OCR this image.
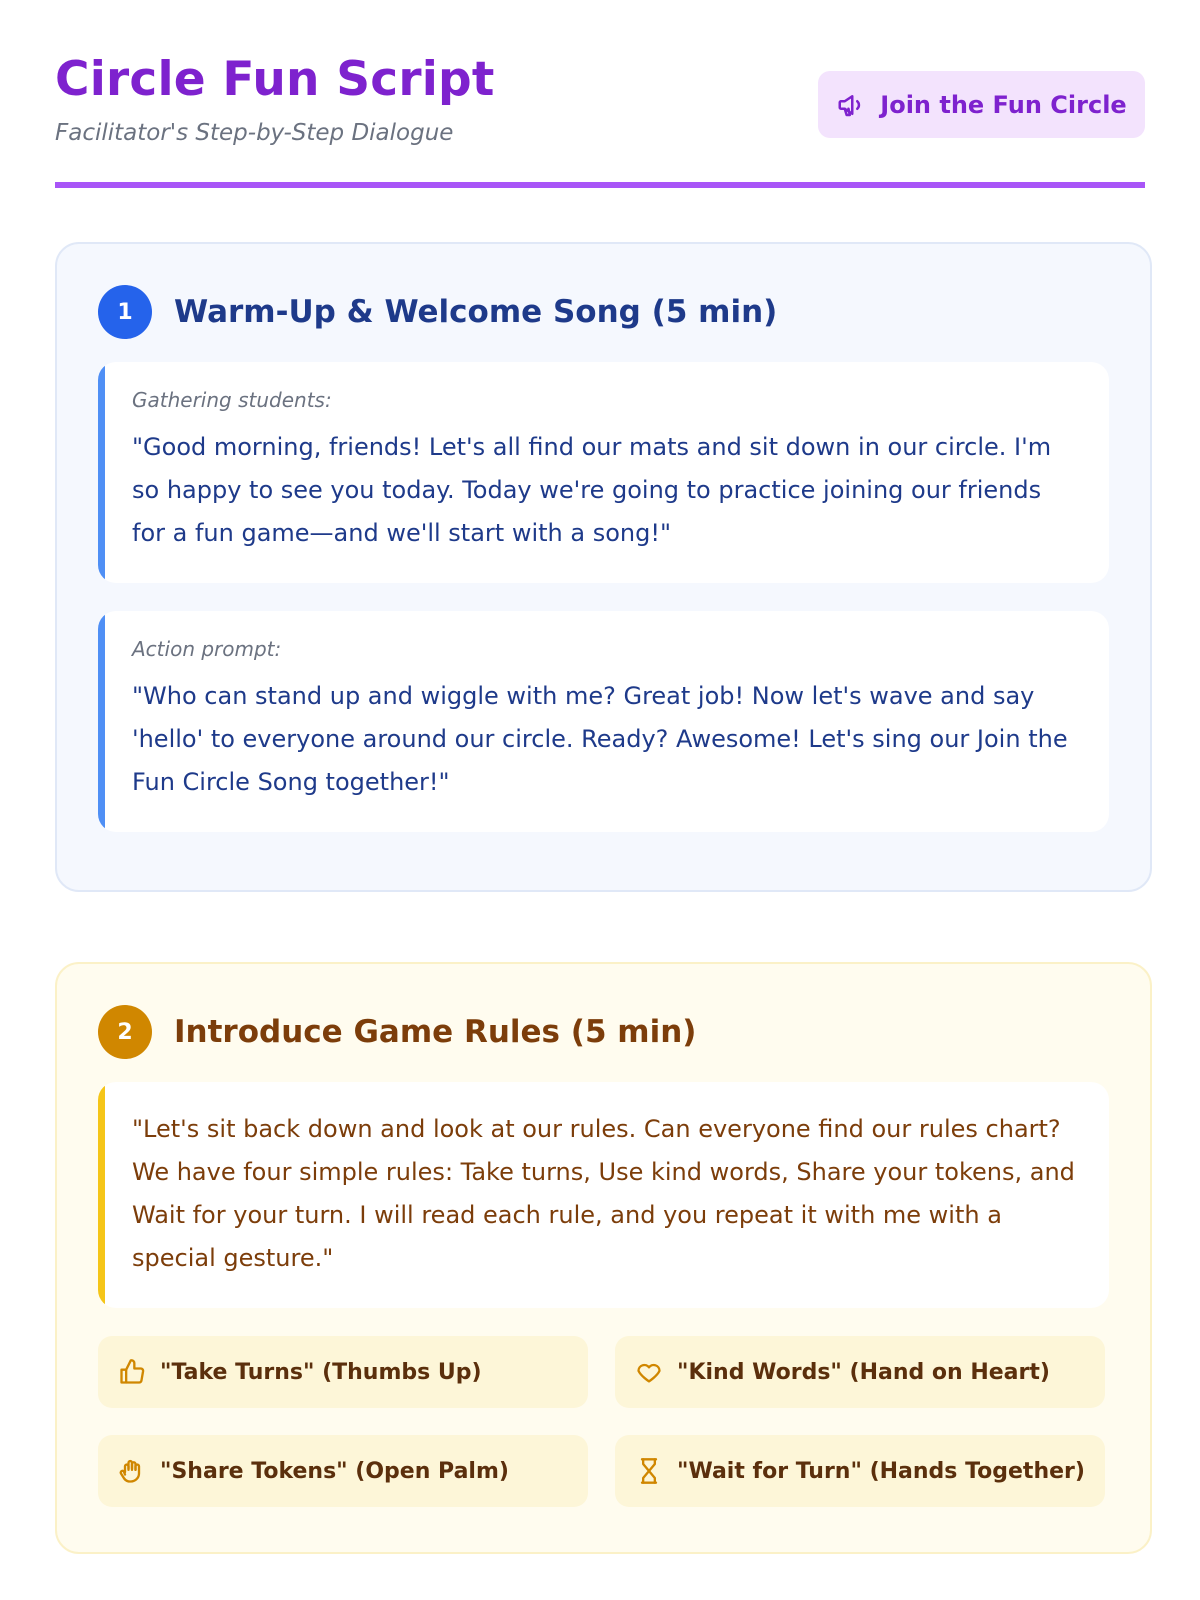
Circle Fun Script
Facilitator's Step-by-Step Dialogue
Join the Fun Circle
1	Warm-Up & Welcome Song (5 min)
Gathering students:

"Good morning, friends! Let's all find our mats and sit down in our circle. I'm so happy to see you today. Today we're going to practice joining our friends for a fun game—and we'll start with a song!"

Action prompt:

"Who can stand up and wiggle with me? Great job! Now let's wave and say 'hello' to everyone around our circle. Ready? Awesome! Let's sing our Join the Fun Circle Song together!"

2	Introduce Game Rules (5 min)

"Let's sit back down and look at our rules. Can everyone find our rules chart? We have four simple rules: Take turns, Use kind words, Share your tokens, and Wait for your turn. I will read each rule, and you repeat it with me with a special gesture."

"Take Turns" (Thumbs Up)	"Kind Words" (Hand on Heart)
"Share Tokens" (Open Palm)	"Wait for Turn" (Hands Together)
